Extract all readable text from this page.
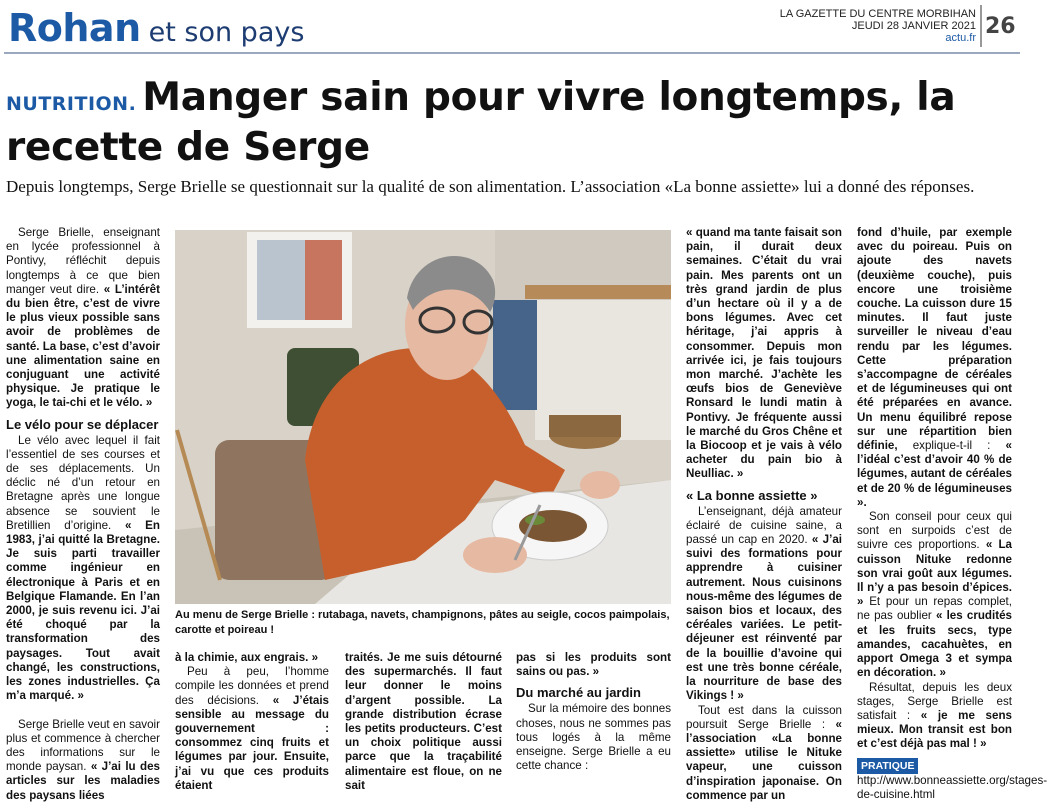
Rohan et son pays
LA GAZETTE DU CENTRE MORBIHAN
JEUDI 28 JANVIER 2021
actu.fr 26
NUTRITION. Manger sain pour vivre longtemps, la recette de Serge
Depuis longtemps, Serge Brielle se questionnait sur la qualité de son alimentation. L’association «La bonne assiette» lui a donné des réponses.

Serge Brielle, enseignant en lycée professionnel à Pontivy, réfléchit depuis longtemps à ce que bien manger veut dire. « L’intérêt du bien être, c’est de vivre le plus vieux possible sans avoir de problèmes de santé. La base, c’est d’avoir une alimentation saine en conjuguant une activité physique. Je pratique le yoga, le tai-chi et le vélo. »

Le vélo pour se déplacer

Le vélo avec lequel il fait l’essentiel de ses courses et de ses déplacements. Un déclic né d’un retour en Bretagne après une longue absence se souvient le Bretillien d’origine. « En 1983, j’ai quitté la Bretagne. Je suis parti travailler comme ingénieur en électronique à Paris et en Belgique Flamande. En l’an 2000, je suis revenu ici. J’ai été choqué par la transformation des paysages. Tout avait changé, les constructions, les zones industrielles. Ça m’a marqué. »

Serge Brielle veut en savoir plus et commence à chercher des informations sur le monde paysan. « J’ai lu des articles sur les maladies des paysans liées

Au menu de Serge Brielle : rutabaga, navets, champignons, pâtes au seigle, cocos paimpolais, carotte et poireau !

à la chimie, aux engrais. »

Peu à peu, l’homme compile les données et prend des décisions. « J’étais sensible au message du gouvernement : consommez cinq fruits et légumes par jour. Ensuite, j’ai vu que ces produits étaient

traités. Je me suis détourné des supermarchés. Il faut leur donner le moins d’argent possible. La grande distribution écrase les petits producteurs. C’est un choix politique aussi parce que la traçabilité alimentaire est floue, on ne sait

pas si les produits sont sains ou pas. »

Du marché au jardin

Sur la mémoire des bonnes choses, nous ne sommes pas tous logés à la même enseigne. Serge Brielle a eu cette chance :

« quand ma tante faisait son pain, il durait deux semaines. C’était du vrai pain. Mes parents ont un très grand jardin de plus d’un hectare où il y a de bons légumes. Avec cet héritage, j’ai appris à consommer. Depuis mon arrivée ici, je fais toujours mon marché. J’achète les œufs bios de Geneviève Ronsard le lundi matin à Pontivy. Je fréquente aussi le marché du Gros Chêne et la Biocoop et je vais à vélo acheter du pain bio à Neulliac. »

« La bonne assiette »

L’enseignant, déjà amateur éclairé de cuisine saine, a passé un cap en 2020. « J’ai suivi des formations pour apprendre à cuisiner autrement. Nous cuisinons nous-même des légumes de saison bios et locaux, des céréales variées. Le petit-déjeuner est réinventé par de la bouillie d’avoine qui est une très bonne céréale, la nourriture de base des Vikings ! »

Tout est dans la cuisson poursuit Serge Brielle : « l’association «La bonne assiette» utilise le Nituke vapeur, une cuisson d’inspiration japonaise. On commence par un

fond d’huile, par exemple avec du poireau. Puis on ajoute des navets (deuxième couche), puis encore une troisième couche. La cuisson dure 15 minutes. Il faut juste surveiller le niveau d’eau rendu par les légumes. Cette préparation s’accompagne de céréales et de légumineuses qui ont été préparées en avance. Un menu équilibré repose sur une répartition bien définie, explique-t-il : « l’idéal c’est d’avoir 40 % de légumes, autant de céréales et de 20 % de légumineuses ».

Son conseil pour ceux qui sont en surpoids c’est de suivre ces proportions. « La cuisson Nituke redonne son vrai goût aux légumes. Il n’y a pas besoin d’épices. » Et pour un repas complet, ne pas oublier « les crudités et les fruits secs, type amandes, cacahuètes, en apport Omega 3 et sympa en décoration. »

Résultat, depuis les deux stages, Serge Brielle est satisfait : « je me sens mieux. Mon transit est bon et c’est déjà pas mal ! »

PRATIQUE

http://www.bonneassiette.org/stages-de-cuisine.html
